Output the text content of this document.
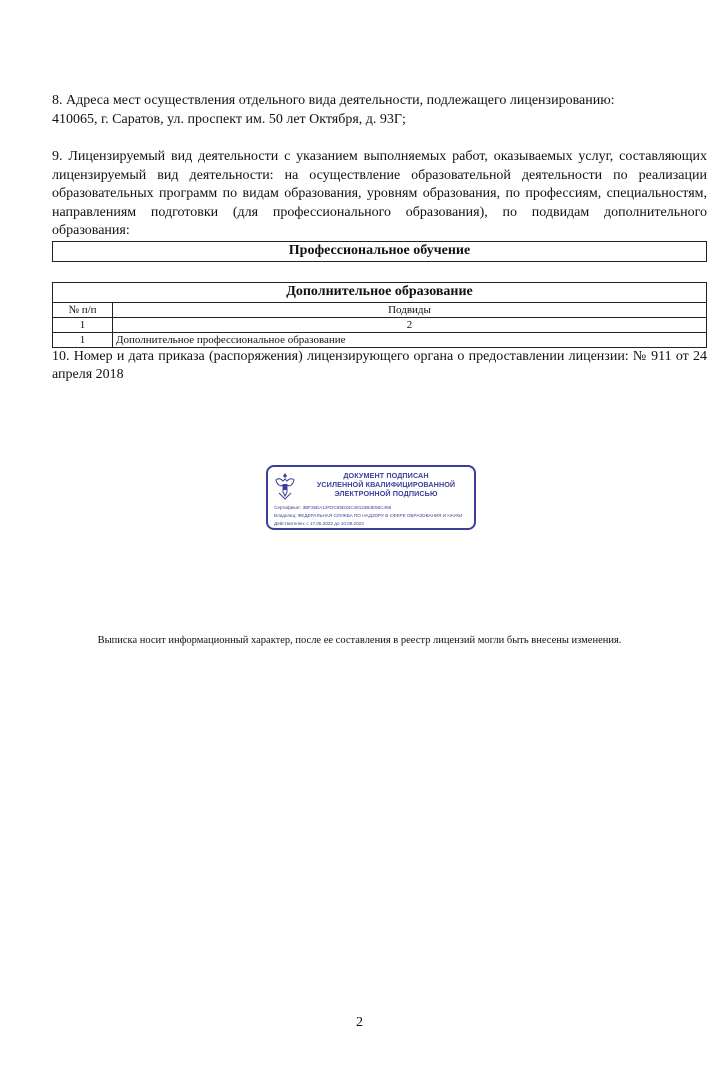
8. Адреса мест осуществления отдельного вида деятельности, подлежащего лицензированию:

410065, г. Саратов, ул. проспект им. 50 лет Октября, д. 93Г;

9. Лицензируемый вид деятельности с указанием выполняемых работ, оказываемых услуг, составляющих лицензируемый вид деятельности: на осуществление образовательной деятельности по реализации образовательных программ по видам образования, уровням образования, по профессиям, специальностям, направлениям подготовки (для профессионального образования), по подвидам дополнительного образования:

Профессиональное обучение
Дополнительное образование	
№ п/п	Подвиды
1	2
1	Дополнительное профессиональное образование

10. Номер и дата приказа (распоряжения) лицензирующего органа о предоставлении лицензии: № 911 от 24 апреля 2018

ДОКУМЕНТ ПОДПИСАН
УСИЛЕННОЙ КВАЛИФИЦИРОВАННОЙ
ЭЛЕКТРОННОЙ ПОДПИСЬЮ
Сертификат: 3BF25EA12FDC65D34C49134B4E55C458
Владелец: ФЕДЕРАЛЬНАЯ СЛУЖБА ПО НАДЗОРУ В СФЕРЕ ОБРАЗОВАНИЯ И НАУКИ
Действителен: с 17.05.2022 до 10.08.2023
Выписка носит информационный характер, после ее составления в реестр лицензий могли быть внесены изменения.
2
